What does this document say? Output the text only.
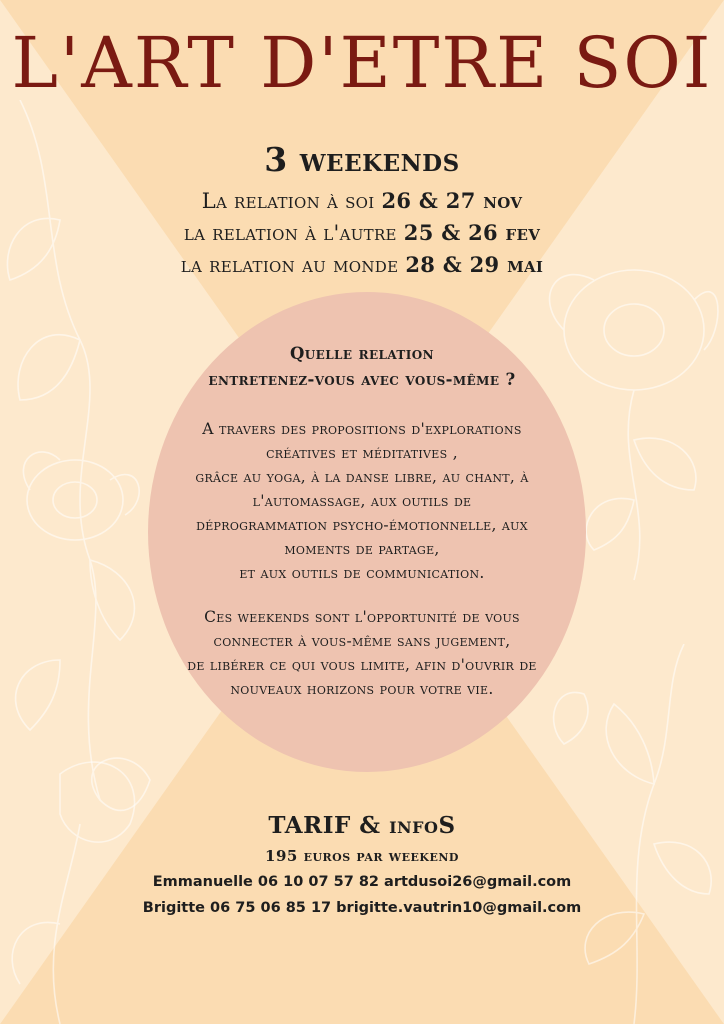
L'ART D'ETRE SOI
3 weekends
La relation à soi 26 & 27 nov
la relation à l'autre 25 & 26 fev
la relation au monde 28 & 29 mai
Quelle relation
entretenez-vous avec vous-même ?
A travers des propositions d'explorations
créatives et méditatives ,
grâce au yoga, à la danse libre, au chant, à
l'automassage, aux outils de
déprogrammation psycho-émotionnelle, aux
moments de partage,
et aux outils de communication.
Ces weekends sont l'opportunité de vous
connecter à vous-même sans jugement,
de libérer ce qui vous limite, afin d'ouvrir de
nouveaux horizons pour votre vie.
TARIF & infoS
195 euros par weekend
Emmanuelle 06 10 07 57 82 artdusoi26@gmail.com
Brigitte 06 75 06 85 17 brigitte.vautrin10@gmail.com
